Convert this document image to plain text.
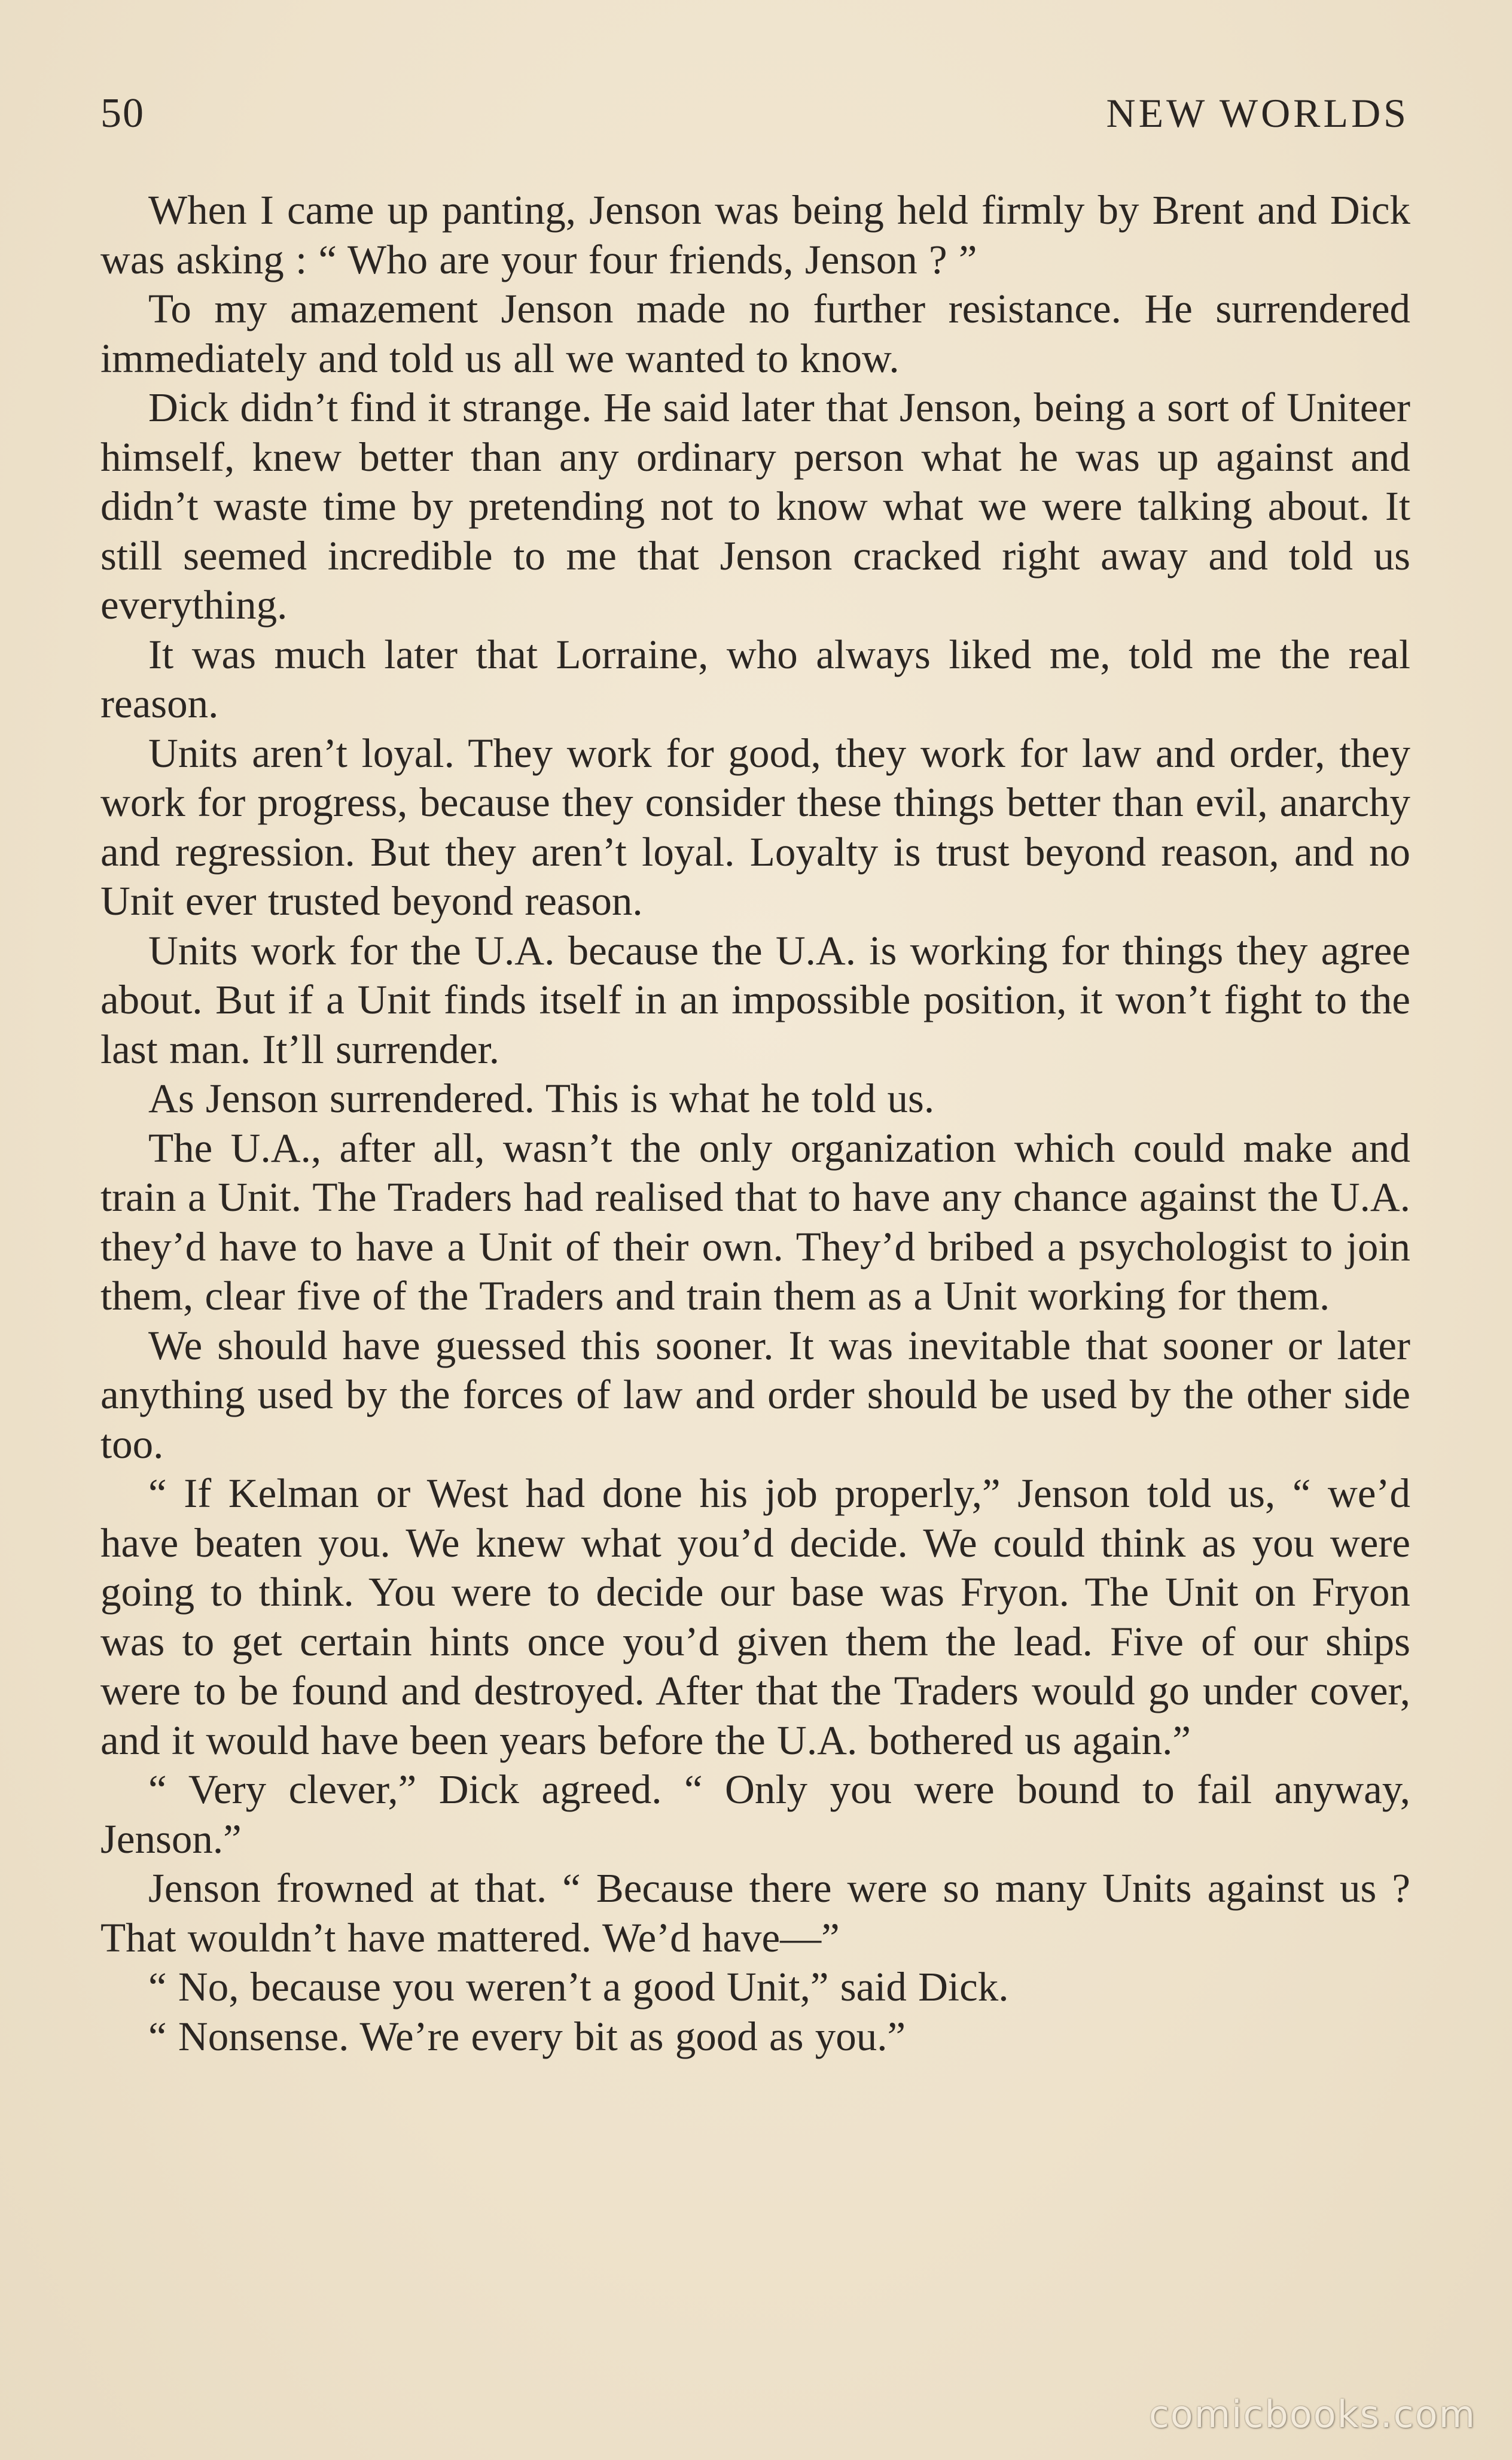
50	NEW WORLDS

When I came up panting, Jenson was being held firmly by Brent and Dick was asking : “ Who are your four friends, Jenson ? ”

To my amazement Jenson made no further resistance. He surrendered immediately and told us all we wanted to know.

Dick didn’t find it strange. He said later that Jenson, being a sort of Uniteer himself, knew better than any ordinary person what he was up against and didn’t waste time by pretending not to know what we were talking about. It still seemed incredible to me that Jenson cracked right away and told us everything.

It was much later that Lorraine, who always liked me, told me the real reason.

Units aren’t loyal. They work for good, they work for law and order, they work for progress, because they consider these things better than evil, anarchy and regression. But they aren’t loyal. Loyalty is trust beyond reason, and no Unit ever trusted beyond reason.

Units work for the U.A. because the U.A. is working for things they agree about. But if a Unit finds itself in an impossible position, it won’t fight to the last man. It’ll surrender.

As Jenson surrendered. This is what he told us.

The U.A., after all, wasn’t the only organization which could make and train a Unit. The Traders had realised that to have any chance against the U.A. they’d have to have a Unit of their own. They’d bribed a psychologist to join them, clear five of the Traders and train them as a Unit working for them.

We should have guessed this sooner. It was inevitable that sooner or later anything used by the forces of law and order should be used by the other side too.

“ If Kelman or West had done his job properly,” Jenson told us, “ we’d have beaten you. We knew what you’d decide. We could think as you were going to think. You were to decide our base was Fryon. The Unit on Fryon was to get certain hints once you’d given them the lead. Five of our ships were to be found and destroyed. After that the Traders would go under cover, and it would have been years before the U.A. bothered us again.”

“ Very clever,” Dick agreed. “ Only you were bound to fail anyway, Jenson.”

Jenson frowned at that. “ Because there were so many Units against us ? That wouldn’t have mattered. We’d have—”

“ No, because you weren’t a good Unit,” said Dick.

“ Nonsense. We’re every bit as good as you.”

comicbooks.com
